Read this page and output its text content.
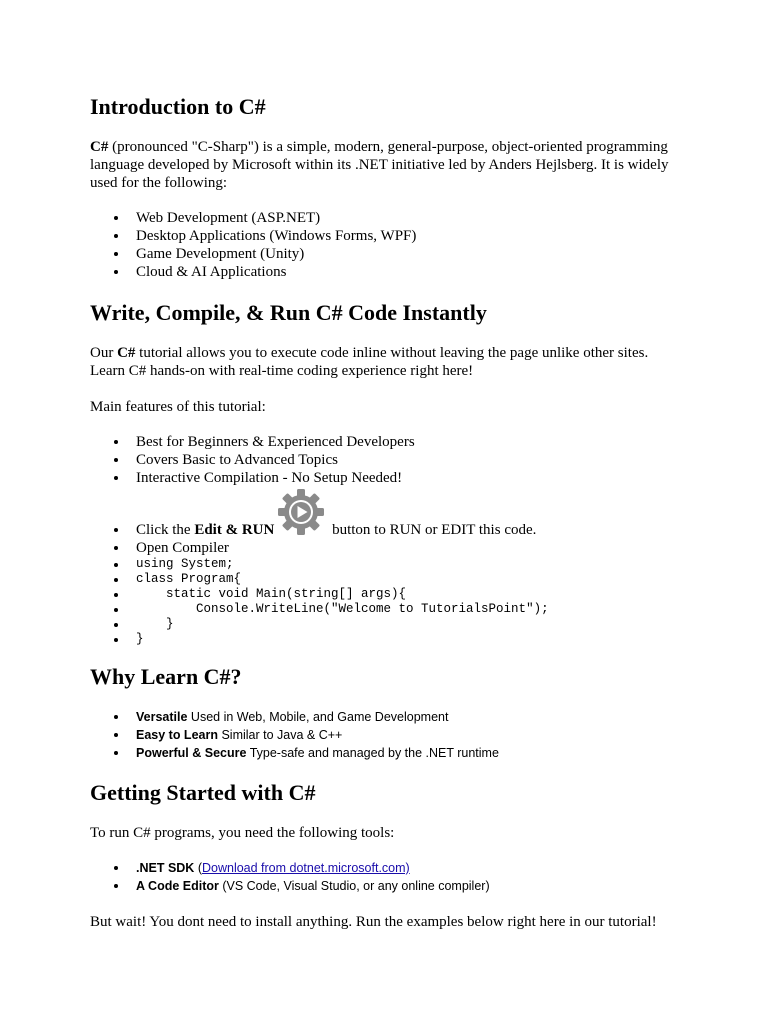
Introduction to C#

C# (pronounced "C-Sharp") is a simple, modern, general-purpose, object-oriented programming language developed by Microsoft within its .NET initiative led by Anders Hejlsberg. It is widely used for the following:

Web Development (ASP.NET)
Desktop Applications (Windows Forms, WPF)
Game Development (Unity)
Cloud & AI Applications
Write, Compile, & Run C# Code Instantly

Our C# tutorial allows you to execute code inline without leaving the page unlike other sites. Learn C# hands-on with real-time coding experience right here!

Main features of this tutorial:

Best for Beginners & Experienced Developers
Covers Basic to Advanced Topics
Interactive Compilation - No Setup Needed!
Click the Edit & RUN	button to RUN or EDIT this code.
Open Compiler
using System;
class Program{
static void Main(string[] args){
Console.WriteLine("Welcome to TutorialsPoint");
}
}
Why Learn C#?
Versatile Used in Web, Mobile, and Game Development
Easy to Learn Similar to Java & C++
Powerful & Secure Type-safe and managed by the .NET runtime
Getting Started with C#

To run C# programs, you need the following tools:

.NET SDK (Download from dotnet.microsoft.com)
A Code Editor (VS Code, Visual Studio, or any online compiler)

But wait! You dont need to install anything. Run the examples below right here in our tutorial!
